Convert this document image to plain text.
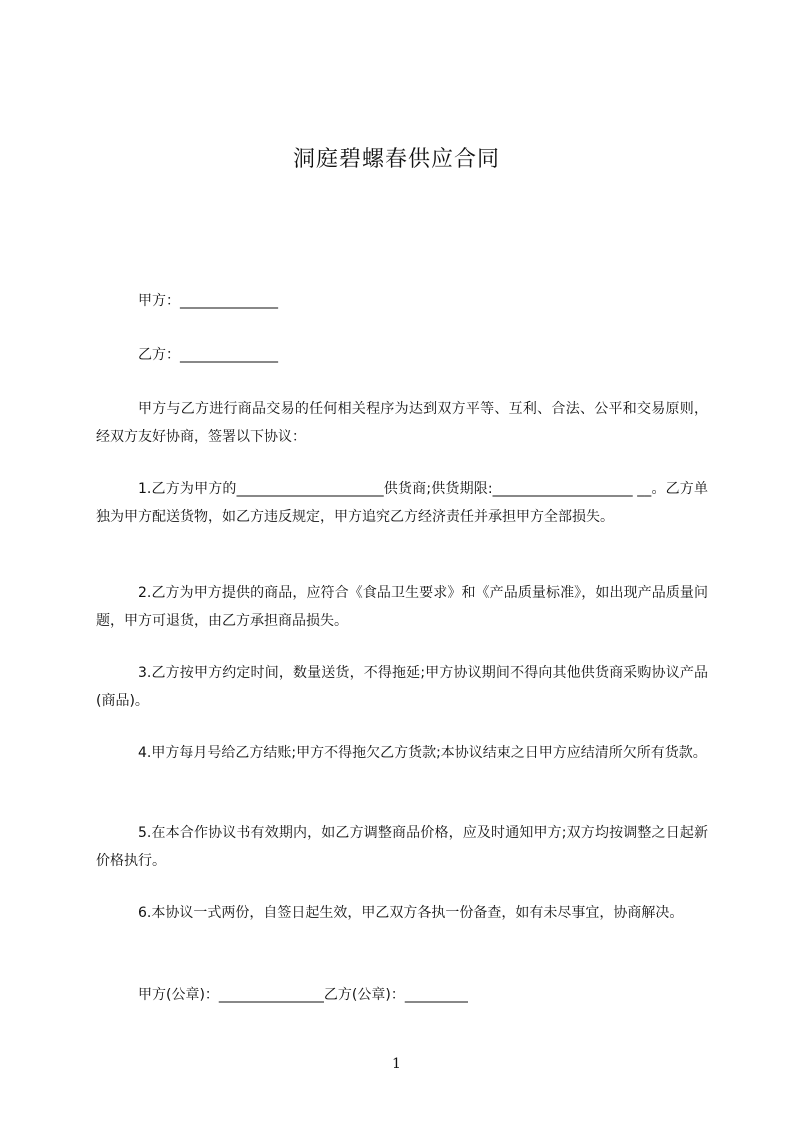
洞庭碧螺春供应合同
甲方：______________
乙方：______________
甲方与乙方进行商品交易的任何相关程序为达到双方平等、互利、合法、公平和交易原则，经双方友好协商，签署以下协议：
1.乙方为甲方的_____________________供货商;供货期限:____________________ __。乙方单独为甲方配送货物，如乙方违反规定，甲方追究乙方经济责任并承担甲方全部损失。
2.乙方为甲方提供的商品，应符合《食品卫生要求》和《产品质量标准》，如出现产品质量问题，甲方可退货，由乙方承担商品损失。
3.乙方按甲方约定时间，数量送货，不得拖延;甲方协议期间不得向其他供货商采购协议产品(商品)。
4.甲方每月号给乙方结账;甲方不得拖欠乙方货款;本协议结束之日甲方应结清所欠所有货款。
5.在本合作协议书有效期内，如乙方调整商品价格，应及时通知甲方;双方均按调整之日起新价格执行。
6.本协议一式两份，自签日起生效，甲乙双方各执一份备查，如有未尽事宜，协商解决。
甲方(公章)：_______________乙方(公章)：_________
1
